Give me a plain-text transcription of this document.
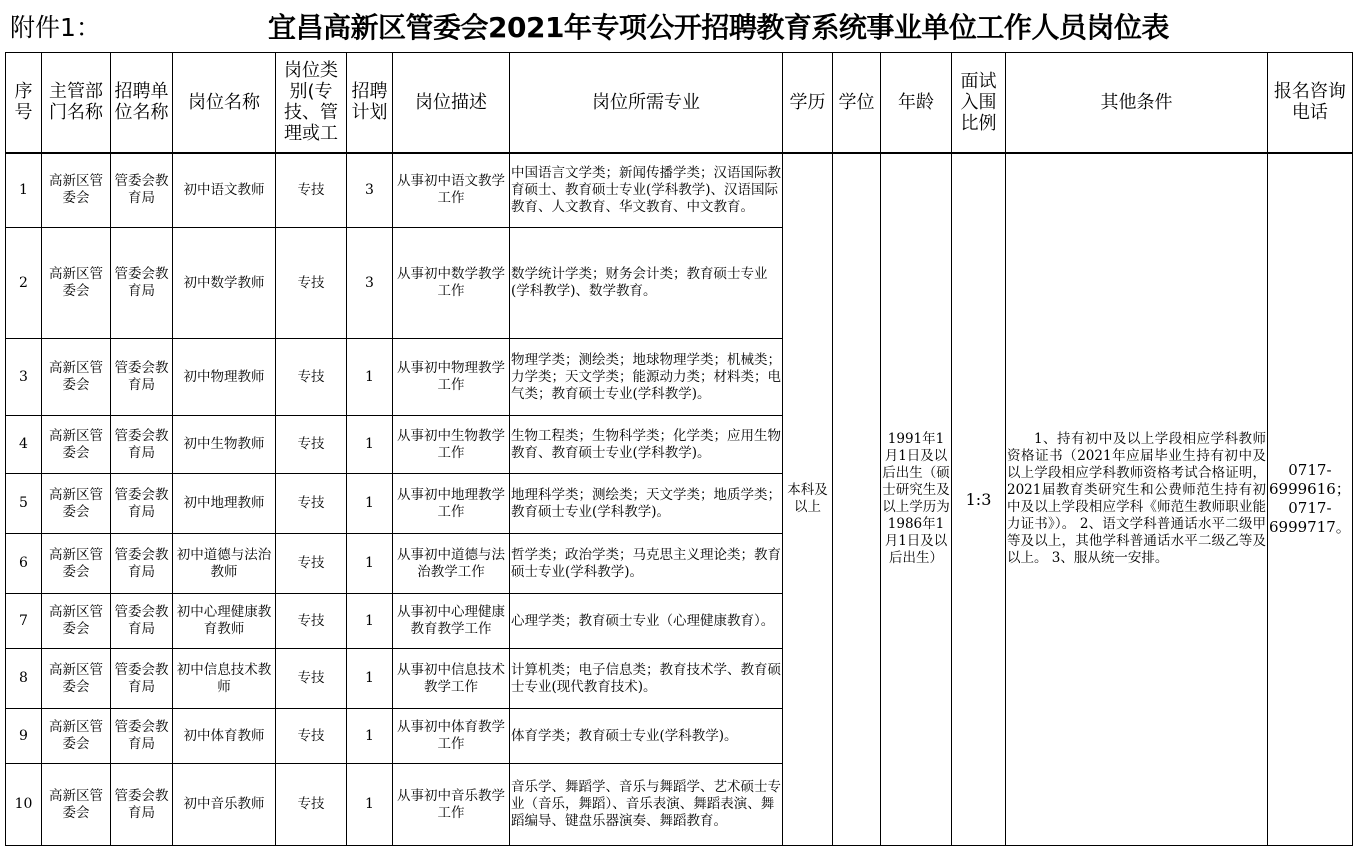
附件1：	宜昌高新区管委会2021年专项公开招聘教育系统事业单位工作人员岗位表
序号	主管部门名称	招聘单位名称	岗位名称	岗位类别(专技、管理或工	招聘计划	岗位描述	岗位所需专业	学历	学位	年龄	面试入围比例	其他条件	报名咨询电话
1	高新区管委会	管委会教育局	初中语文教师	专技	3	从事初中语文教学工作	中国语言文学类；新闻传播学类；汉语国际教育硕士、教育硕士专业(学科教学)、汉语国际教育、人文教育、华文教育、中文教育。	本科及以上		1991年1月1日及以后出生（硕士研究生及以上学历为1986年1月1日及以后出生）	1:3	1、持有初中及以上学段相应学科教师资格证书（2021年应届毕业生持有初中及以上学段相应学科教师资格考试合格证明，2021届教育类研究生和公费师范生持有初中及以上学段相应学科《师范生教师职业能力证书》）。 2、语文学科普通话水平二级甲等及以上，其他学科普通话水平二级乙等及以上。 3、服从统一安排。	0717-6999616；0717-6999717。
2	高新区管委会	管委会教育局	初中数学教师	专技	3	从事初中数学教学工作	数学统计学类；财务会计类；教育硕士专业(学科教学)、数学教育。						
3	高新区管委会	管委会教育局	初中物理教师	专技	1	从事初中物理教学工作	物理学类；测绘类；地球物理学类；机械类；力学类；天文学类；能源动力类；材料类；电气类；教育硕士专业(学科教学)。						
4	高新区管委会	管委会教育局	初中生物教师	专技	1	从事初中生物教学工作	生物工程类；生物科学类；化学类；应用生物教育、教育硕士专业(学科教学)。						
5	高新区管委会	管委会教育局	初中地理教师	专技	1	从事初中地理教学工作	地理科学类；测绘类；天文学类；地质学类；教育硕士专业(学科教学)。						
6	高新区管委会	管委会教育局	初中道德与法治教师	专技	1	从事初中道德与法治教学工作	哲学类；政治学类；马克思主义理论类；教育硕士专业(学科教学)。						
7	高新区管委会	管委会教育局	初中心理健康教育教师	专技	1	从事初中心理健康教育教学工作	心理学类；教育硕士专业（心理健康教育）。						
8	高新区管委会	管委会教育局	初中信息技术教师	专技	1	从事初中信息技术教学工作	计算机类；电子信息类；教育技术学、教育硕士专业(现代教育技术)。						
9	高新区管委会	管委会教育局	初中体育教师	专技	1	从事初中体育教学工作	体育学类；教育硕士专业(学科教学)。						
10	高新区管委会	管委会教育局	初中音乐教师	专技	1	从事初中音乐教学工作	音乐学、舞蹈学、音乐与舞蹈学、艺术硕士专业（音乐，舞蹈）、音乐表演、舞蹈表演、舞蹈编导、键盘乐器演奏、舞蹈教育。						
